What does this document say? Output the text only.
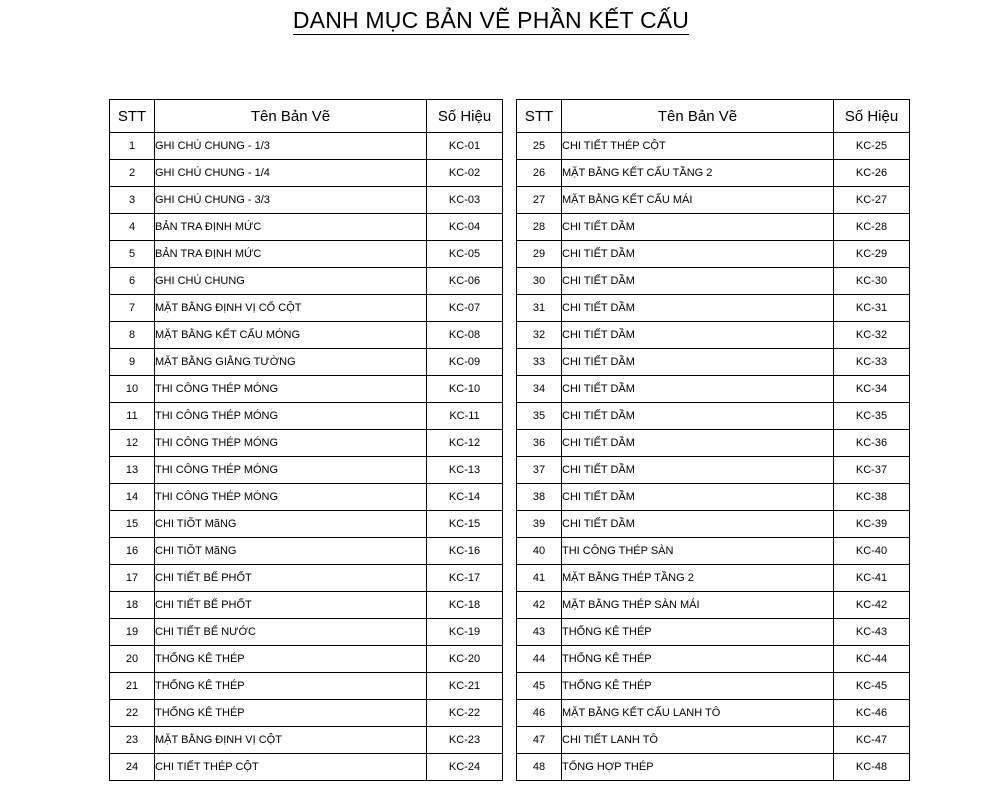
DANH MỤC BẢN VẼ PHẦN KẾT CẤU
STT	Tên Bản Vẽ	Số Hiệu
1	GHI CHÚ CHUNG - 1/3	KC-01
2	GHI CHÚ CHUNG - 1/4	KC-02
3	GHI CHÚ CHUNG - 3/3	KC-03
4	BẢN TRA ĐỊNH MỨC	KC-04
5	BẢN TRA ĐỊNH MỨC	KC-05
6	GHI CHÚ CHUNG	KC-06
7	MẶT BẰNG ĐỊNH VỊ CỔ CỘT	KC-07
8	MẶT BẰNG KẾT CẤU MÓNG	KC-08
9	MẶT BẰNG GIẰNG TƯỜNG	KC-09
10	THI CÔNG THÉP MÓNG	KC-10
11	THI CÔNG THÉP MÓNG	KC-11
12	THI CÔNG THÉP MÓNG	KC-12
13	THI CÔNG THÉP MÓNG	KC-13
14	THI CÔNG THÉP MÓNG	KC-14
15	CHI TIÕT MãNG	KC-15
16	CHI TIÕT MãNG	KC-16
17	CHI TIẾT BỂ PHỐT	KC-17
18	CHI TIẾT BỂ PHỐT	KC-18
19	CHI TIẾT BỂ NƯỚC	KC-19
20	THỐNG KÊ THÉP	KC-20
21	THỐNG KÊ THÉP	KC-21
22	THỐNG KÊ THÉP	KC-22
23	MẶT BẰNG ĐỊNH VỊ CỘT	KC-23
24	CHI TIẾT THÉP CỘT	KC-24
STT	Tên Bản Vẽ	Số Hiệu
25	CHI TIẾT THÉP CỘT	KC-25
26	MẶT BẰNG KẾT CẤU TẦNG 2	KC-26
27	MẶT BẰNG KẾT CẤU MÁI	KC-27
28	CHI TIẾT DẦM	KC-28
29	CHI TIẾT DẦM	KC-29
30	CHI TIẾT DẦM	KC-30
31	CHI TIẾT DẦM	KC-31
32	CHI TIẾT DẦM	KC-32
33	CHI TIẾT DẦM	KC-33
34	CHI TIẾT DẦM	KC-34
35	CHI TIẾT DẦM	KC-35
36	CHI TIẾT DẦM	KC-36
37	CHI TIẾT DẦM	KC-37
38	CHI TIẾT DẦM	KC-38
39	CHI TIẾT DẦM	KC-39
40	THI CÔNG THÉP SÀN	KC-40
41	MẶT BẰNG THÉP TẦNG 2	KC-41
42	MẶT BẰNG THÉP SÀN MÁI	KC-42
43	THỐNG KÊ THÉP	KC-43
44	THỐNG KÊ THÉP	KC-44
45	THỐNG KÊ THÉP	KC-45
46	MẶT BẰNG KẾT CẤU LANH TÔ	KC-46
47	CHI TIẾT LANH TÔ	KC-47
48	TỔNG HỢP THÉP	KC-48
